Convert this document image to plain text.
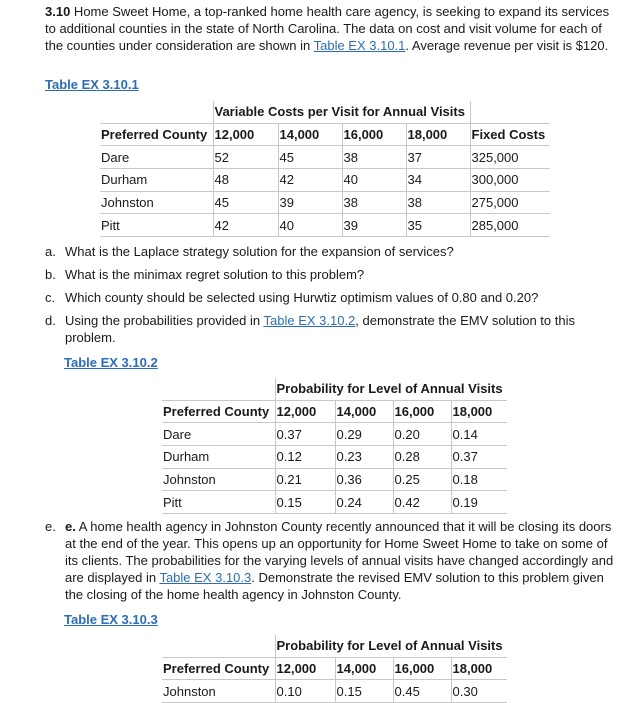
3.10 Home Sweet Home, a top-ranked home health care agency, is seeking to expand its services to additional counties in the state of North Carolina. The data on cost and visit volume for each of the counties under consideration are shown in Table EX 3.10.1. Average revenue per visit is $120.
Table EX 3.10.1
	Variable Costs per Visit for Annual Visits				
Preferred County	12,000	14,000	16,000	18,000	Fixed Costs
Dare	52	45	38	37	325,000
Durham	48	42	40	34	300,000
Johnston	45	39	38	38	275,000
Pitt	42	40	39	35	285,000
a. What is the Laplace strategy solution for the expansion of services?
b. What is the minimax regret solution to this problem?
c. Which county should be selected using Hurwtiz optimism values of 0.80 and 0.20?
d. Using the probabilities provided in Table EX 3.10.2, demonstrate the EMV solution to this problem.
Table EX 3.10.2
	Probability for Level of Annual Visits			
Preferred County	12,000	14,000	16,000	18,000
Dare	0.37	0.29	0.20	0.14
Durham	0.12	0.23	0.28	0.37
Johnston	0.21	0.36	0.25	0.18
Pitt	0.15	0.24	0.42	0.19
e. e. A home health agency in Johnston County recently announced that it will be closing its doors at the end of the year. This opens up an opportunity for Home Sweet Home to take on some of its clients. The probabilities for the varying levels of annual visits have changed accordingly and are displayed in Table EX 3.10.3. Demonstrate the revised EMV solution to this problem given the closing of the home health agency in Johnston County.
Table EX 3.10.3
	Probability for Level of Annual Visits			
Preferred County	12,000	14,000	16,000	18,000
Johnston	0.10	0.15	0.45	0.30
